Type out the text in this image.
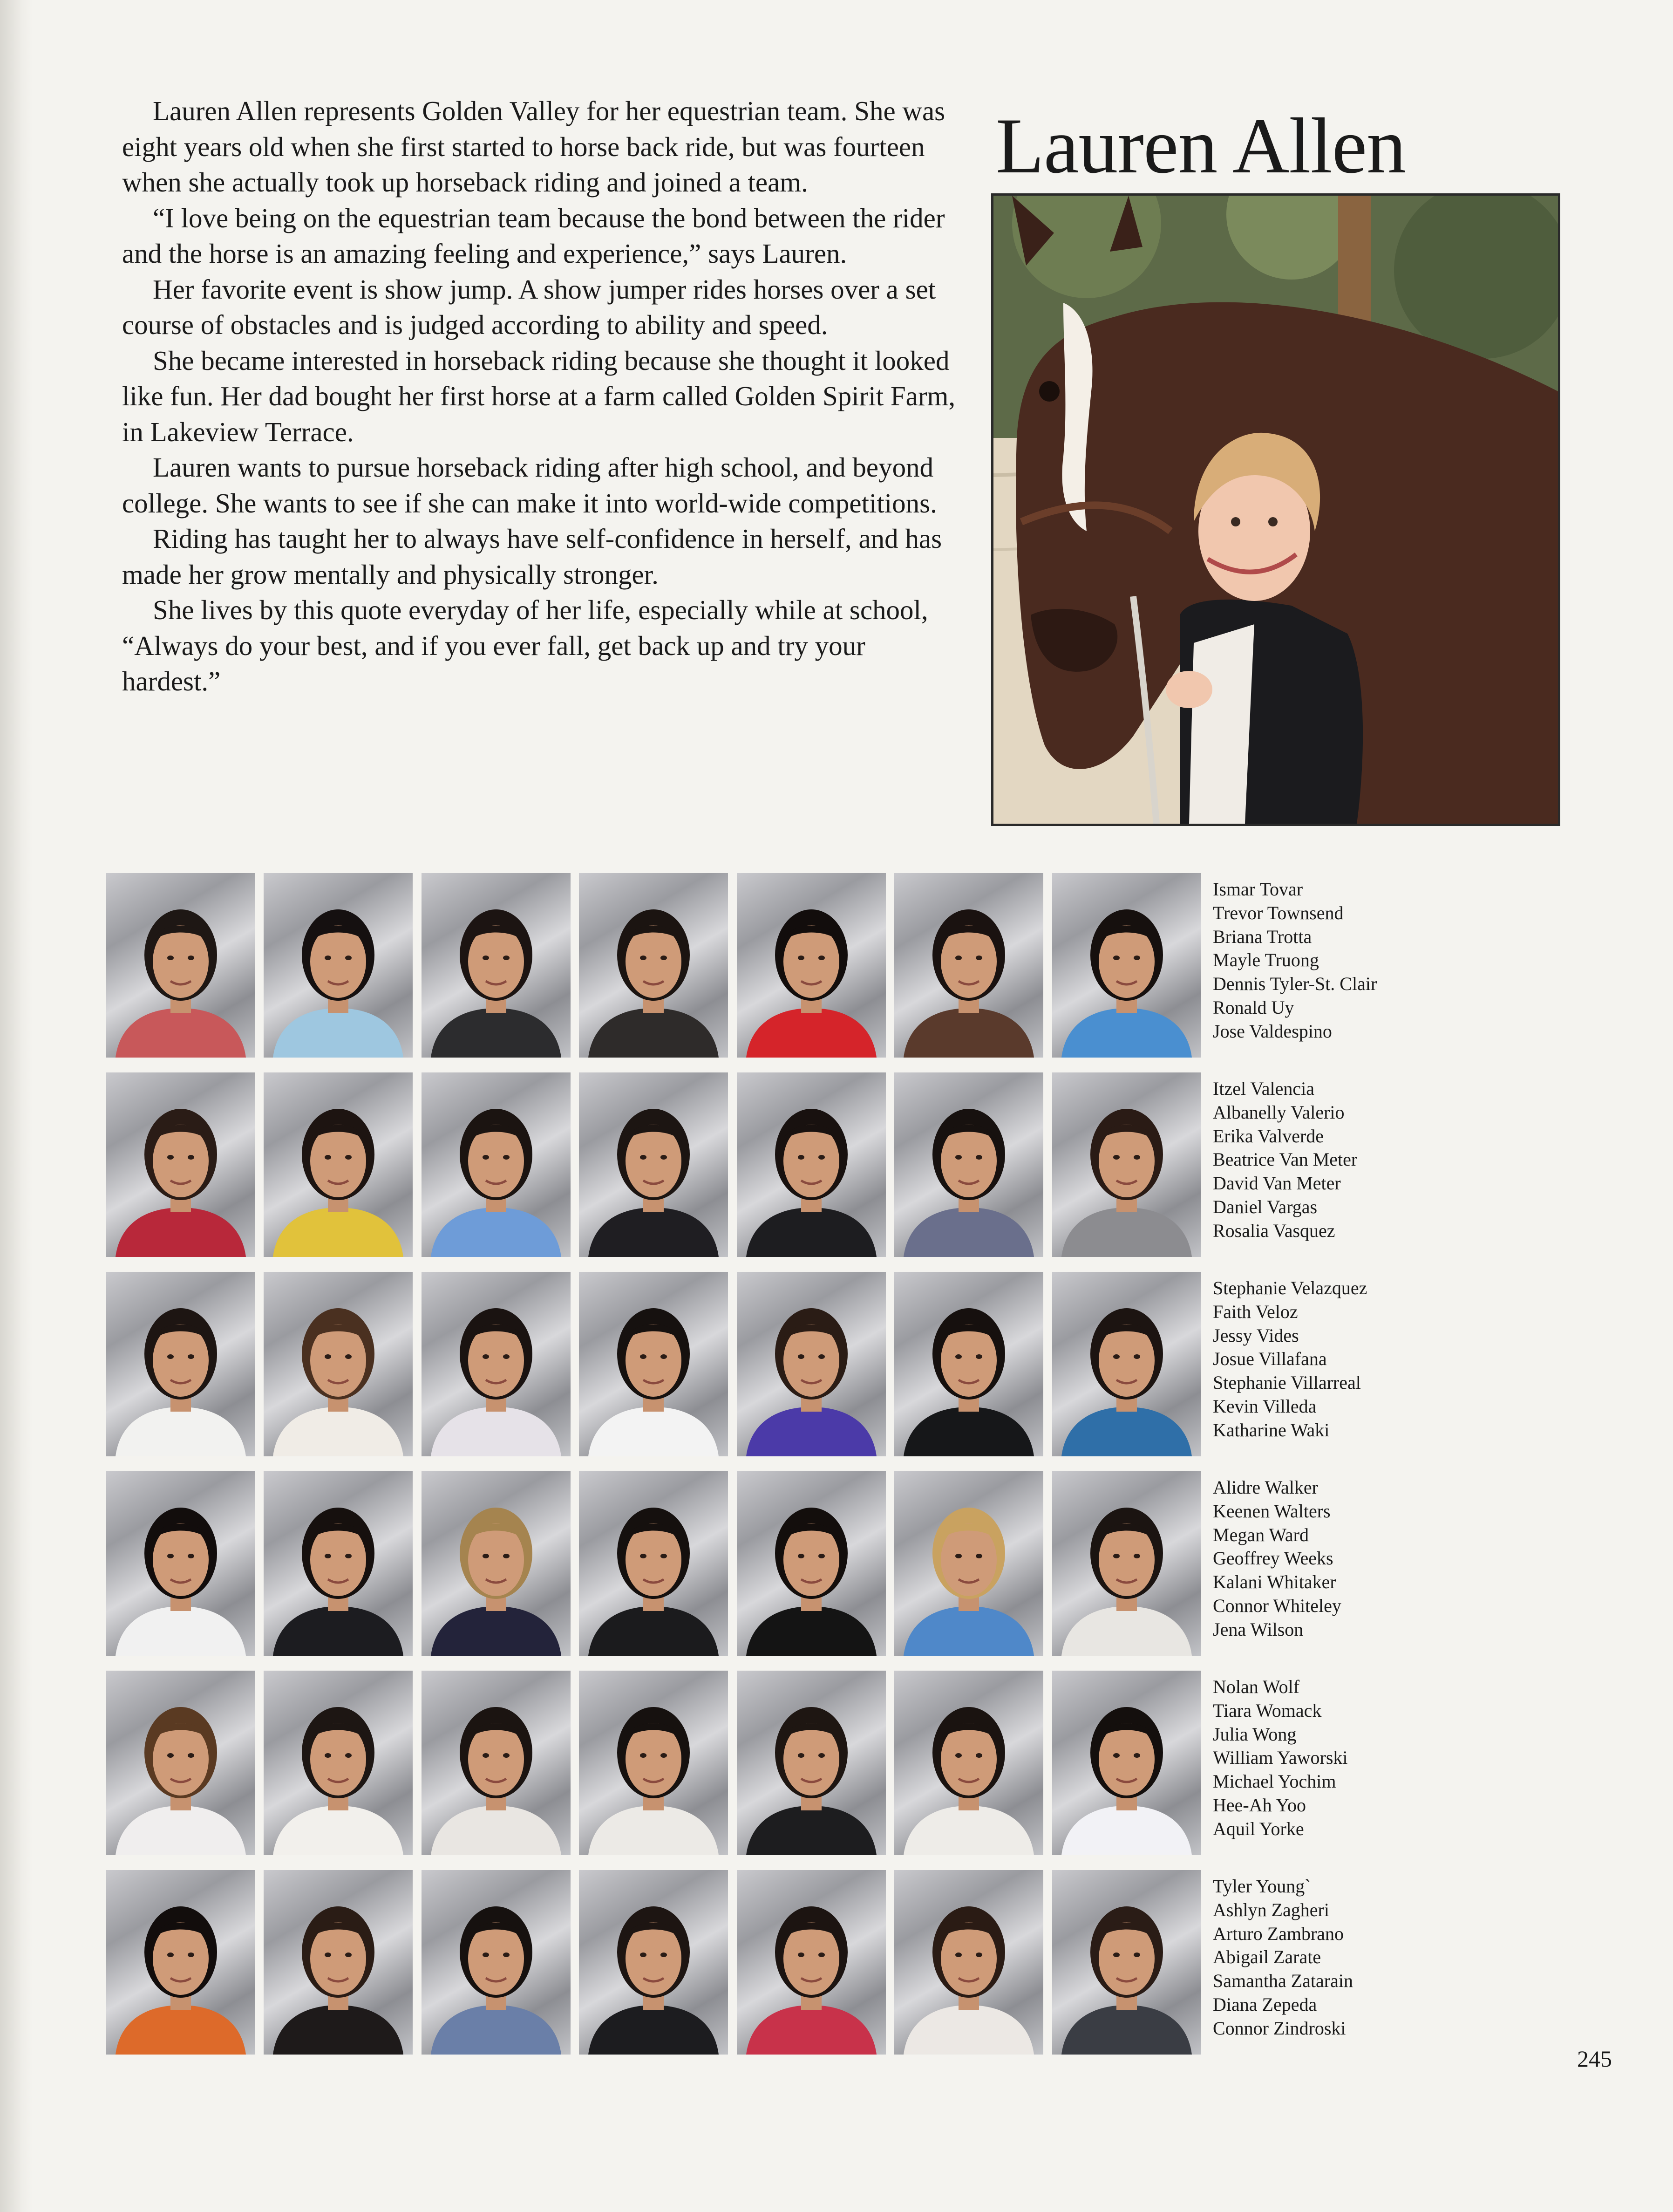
Lauren Allen represents Golden Valley for her equestrian team. She was eight years old when she first started to horse back ride, but was fourteen when she actually took up horseback riding and joined a team.

“I love being on the equestrian team because the bond between the rider and the horse is an amazing feeling and experience,” says Lauren.

Her favorite event is show jump. A show jumper rides horses over a set course of obstacles and is judged according to ability and speed.

She became interested in horseback riding because she thought it looked like fun. Her dad bought her first horse at a farm called Golden Spirit Farm, in Lakeview Terrace.

Lauren wants to pursue horseback riding after high school, and beyond college. She wants to see if she can make it into world-wide competitions.

Riding has taught her to always have self-confidence in herself, and has made her grow mentally and physically stronger.

She lives by this quote everyday of her life, especially while at school, “Always do your best, and if you ever fall, get back up and try your hardest.”

Lauren Allen
Ismar Tovar
Trevor Townsend
Briana Trotta
Mayle Truong
Dennis Tyler-St. Clair
Ronald Uy
Jose Valdespino
Itzel Valencia
Albanelly Valerio
Erika Valverde
Beatrice Van Meter
David Van Meter
Daniel Vargas
Rosalia Vasquez
Stephanie Velazquez
Faith Veloz
Jessy Vides
Josue Villafana
Stephanie Villarreal
Kevin Villeda
Katharine Waki
Alidre Walker
Keenen Walters
Megan Ward
Geoffrey Weeks
Kalani Whitaker
Connor Whiteley
Jena Wilson
Nolan Wolf
Tiara Womack
Julia Wong
William Yaworski
Michael Yochim
Hee-Ah Yoo
Aquil Yorke
Tyler Young`
Ashlyn Zagheri
Arturo Zambrano
Abigail Zarate
Samantha Zatarain
Diana Zepeda
Connor Zindroski
245
